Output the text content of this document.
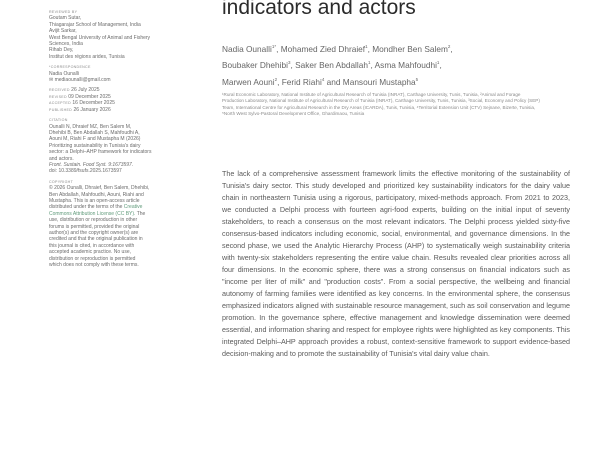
REVIEWED BY
Goutam Sutar,
Thiagarajar School of Management, India
Avijit Sarkar,
West Bengal University of Animal and Fishery
Sciences, India
Rihab Dey,
Institut des régions arides, Tunisia
*CORRESPONDENCE
Nadia Ounalli
✉ mediaounalli@gmail.com
RECEIVED 26 July 2025
REVISED 09 December 2025
ACCEPTED 16 December 2025
PUBLISHED 26 January 2026
CITATION
Ounalli N, Dhraief MZ, Ben Salem M,
Dhehibi B, Ben Abdallah S, Mahfoudhi A,
Aouni M, Riahi F and Mustapha M (2026)
Prioritizing sustainability in Tunisia's dairy
sector: a Delphi–AHP framework for indicators
and actors.
Front. Sustain. Food Syst. 9:1673597.
doi: 10.3389/fsufs.2025.1673597
COPYRIGHT
© 2026 Ounalli, Dhraief, Ben Salem, Dhehibi,
Ben Abdallah, Mahfoudhi, Aouni, Riahi and
Mustapha. This is an open-access article
distributed under the terms of the Creative
Commons Attribution License (CC BY). The
use, distribution or reproduction in other
forums is permitted, provided the original
author(s) and the copyright owner(s) are
credited and that the original publication in
this journal is cited, in accordance with
accepted academic practice. No use,
distribution or reproduction is permitted
which does not comply with these terms.
indicators and actors
Nadia Ounalli$^{1*}$, Mohamed Zied Dhraief$^1$, Mondher Ben Salem$^2$,
Boubaker Dhehibi$^3$, Saker Ben Abdallah$^1$, Asma Mahfoudhi$^1$,
Marwen Aouni$^2$, Ferid Riahi$^4$ and Mansouri Mustapha$^5$
¹Rural Economic Laboratory, National Institute of Agricultural Research of Tunisia (INRAT), Carthage University, Tunis, Tunisia, ²Animal and Forage Production Laboratory, National Institute of Agricultural Research of Tunisia (INRAT), Carthage University, Tunis, Tunisia, ³Social, Economy and Policy (SEP) Team, International Centre for Agricultural Research in the Dry Areas (ICARDA), Tunis, Tunisia, ⁴Territorial Extension Unit (CTV) Sejnane, Bizerte, Tunisia, ⁵North West Sylvo-Pastoral Development Office, Ghardimaou, Tunisia
The lack of a comprehensive assessment framework limits the effective monitoring of the sustainability of Tunisia's dairy sector. This study developed and prioritized key sustainability indicators for the dairy value chain in northeastern Tunisia using a rigorous, participatory, mixed-methods approach. From 2021 to 2023, we conducted a Delphi process with fourteen agri-food experts, building on the initial input of seventy stakeholders, to reach a consensus on the most relevant indicators. The Delphi process yielded sixty-five consensus-based indicators including economic, social, environmental, and governance dimensions. In the second phase, we used the Analytic Hierarchy Process (AHP) to systematically weigh sustainability criteria with twenty-six stakeholders representing the entire value chain. Results revealed clear priorities across all four dimensions. In the economic sphere, there was a strong consensus on financial indicators such as "income per liter of milk" and "production costs". From a social perspective, the wellbeing and financial autonomy of farming families were identified as key concerns. In the environmental sphere, the consensus emphasized indicators aligned with sustainable resource management, such as soil conservation and legume promotion. In the governance sphere, effective management and knowledge dissemination were deemed essential, and information sharing and respect for employee rights were highlighted as key components. This integrated Delphi–AHP approach provides a robust, context-sensitive framework to support evidence-based decision-making and to promote the sustainability of Tunisia's vital dairy value chain.
